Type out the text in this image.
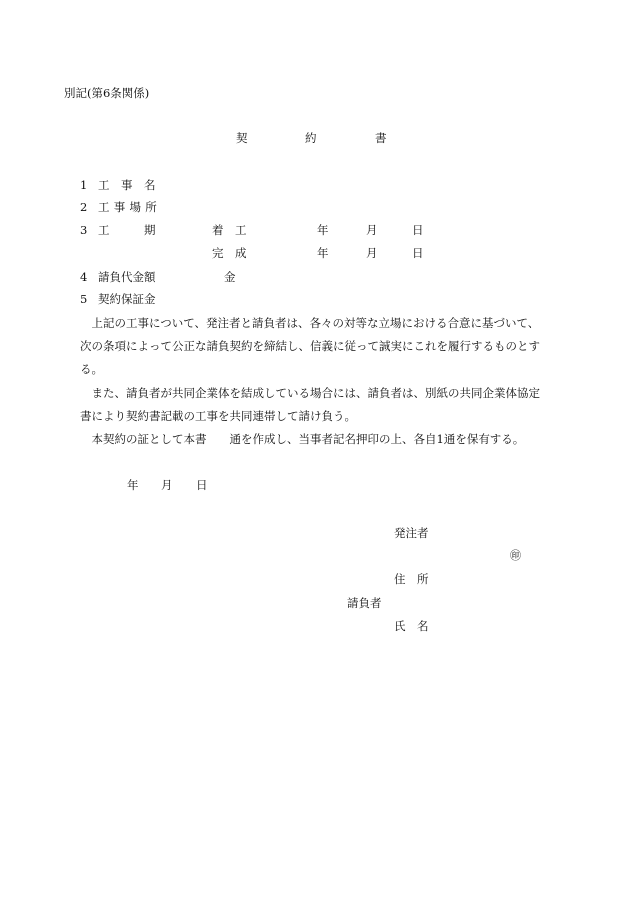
別記(第6条関係)
契	約	書
1 工 事 名
2 工 事 場 所
3 工	期	着　工	年	月	日
完　成	年	月	日
4 請負代金額	金
5 契約保証金
　上記の工事について、発注者と請負者は、各々の対等な立場における合意に基づいて、
次の条項によって公正な請負契約を締結し、信義に従って誠実にこれを履行するものとす
る。
　また、請負者が共同企業体を結成している場合には、請負者は、別紙の共同企業体協定
書により契約書記載の工事を共同連帯して請け負う。
　本契約の証として本書　　通を作成し、当事者記名押印の上、各自1通を保有する。
年 月 日
発注者
㊞
住　所
請負者
氏　名
